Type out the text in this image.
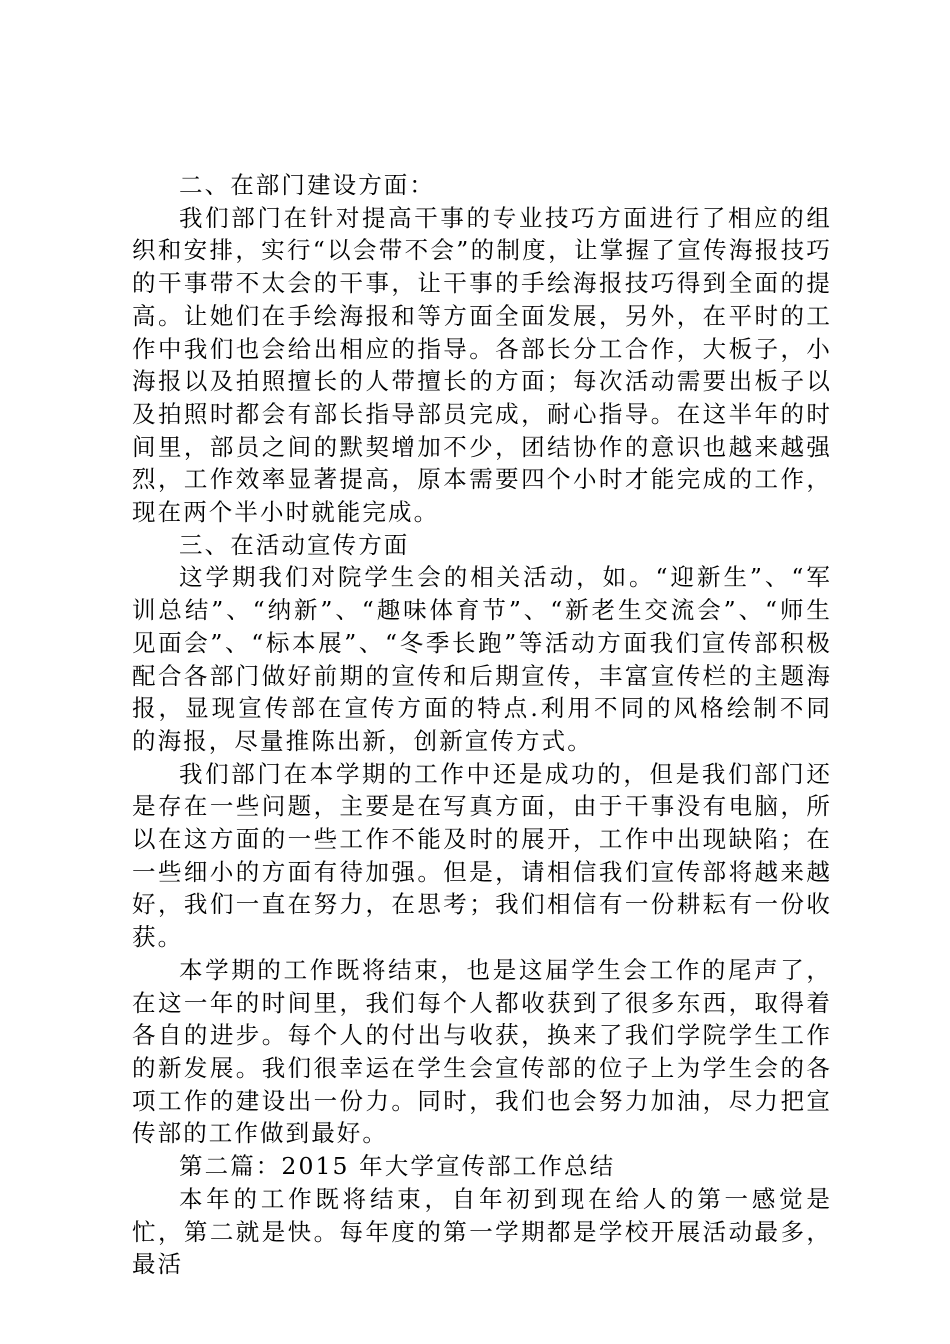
二、在部门建设方面：

我们部门在针对提高干事的专业技巧方面进行了相应的组织和安排，实行“以会带不会”的制度，让掌握了宣传海报技巧的干事带不太会的干事，让干事的手绘海报技巧得到全面的提高。让她们在手绘海报和等方面全面发展，另外，在平时的工作中我们也会给出相应的指导。各部长分工合作，大板子，小海报以及拍照擅长的人带擅长的方面；每次活动需要出板子以及拍照时都会有部长指导部员完成，耐心指导。在这半年的时间里，部员之间的默契增加不少，团结协作的意识也越来越强烈，工作效率显著提高，原本需要四个小时才能完成的工作，现在两个半小时就能完成。

三、在活动宣传方面

这学期我们对院学生会的相关活动，如。“迎新生”、“军训总结”、“纳新”、“趣味体育节”、“新老生交流会”、“师生见面会”、“标本展”、“冬季长跑”等活动方面我们宣传部积极配合各部门做好前期的宣传和后期宣传，丰富宣传栏的主题海报，显现宣传部在宣传方面的特点.利用不同的风格绘制不同的海报，尽量推陈出新，创新宣传方式。

我们部门在本学期的工作中还是成功的，但是我们部门还是存在一些问题，主要是在写真方面，由于干事没有电脑，所以在这方面的一些工作不能及时的展开，工作中出现缺陷；在一些细小的方面有待加强。但是，请相信我们宣传部将越来越好，我们一直在努力，在思考；我们相信有一份耕耘有一份收获。

本学期的工作既将结束，也是这届学生会工作的尾声了，在这一年的时间里，我们每个人都收获到了很多东西，取得着各自的进步。每个人的付出与收获，换来了我们学院学生工作的新发展。我们很幸运在学生会宣传部的位子上为学生会的各项工作的建设出一份力。同时，我们也会努力加油，尽力把宣传部的工作做到最好。

第二篇：2015 年大学宣传部工作总结

本年的工作既将结束，自年初到现在给人的第一感觉是忙，第二就是快。每年度的第一学期都是学校开展活动最多，最活
